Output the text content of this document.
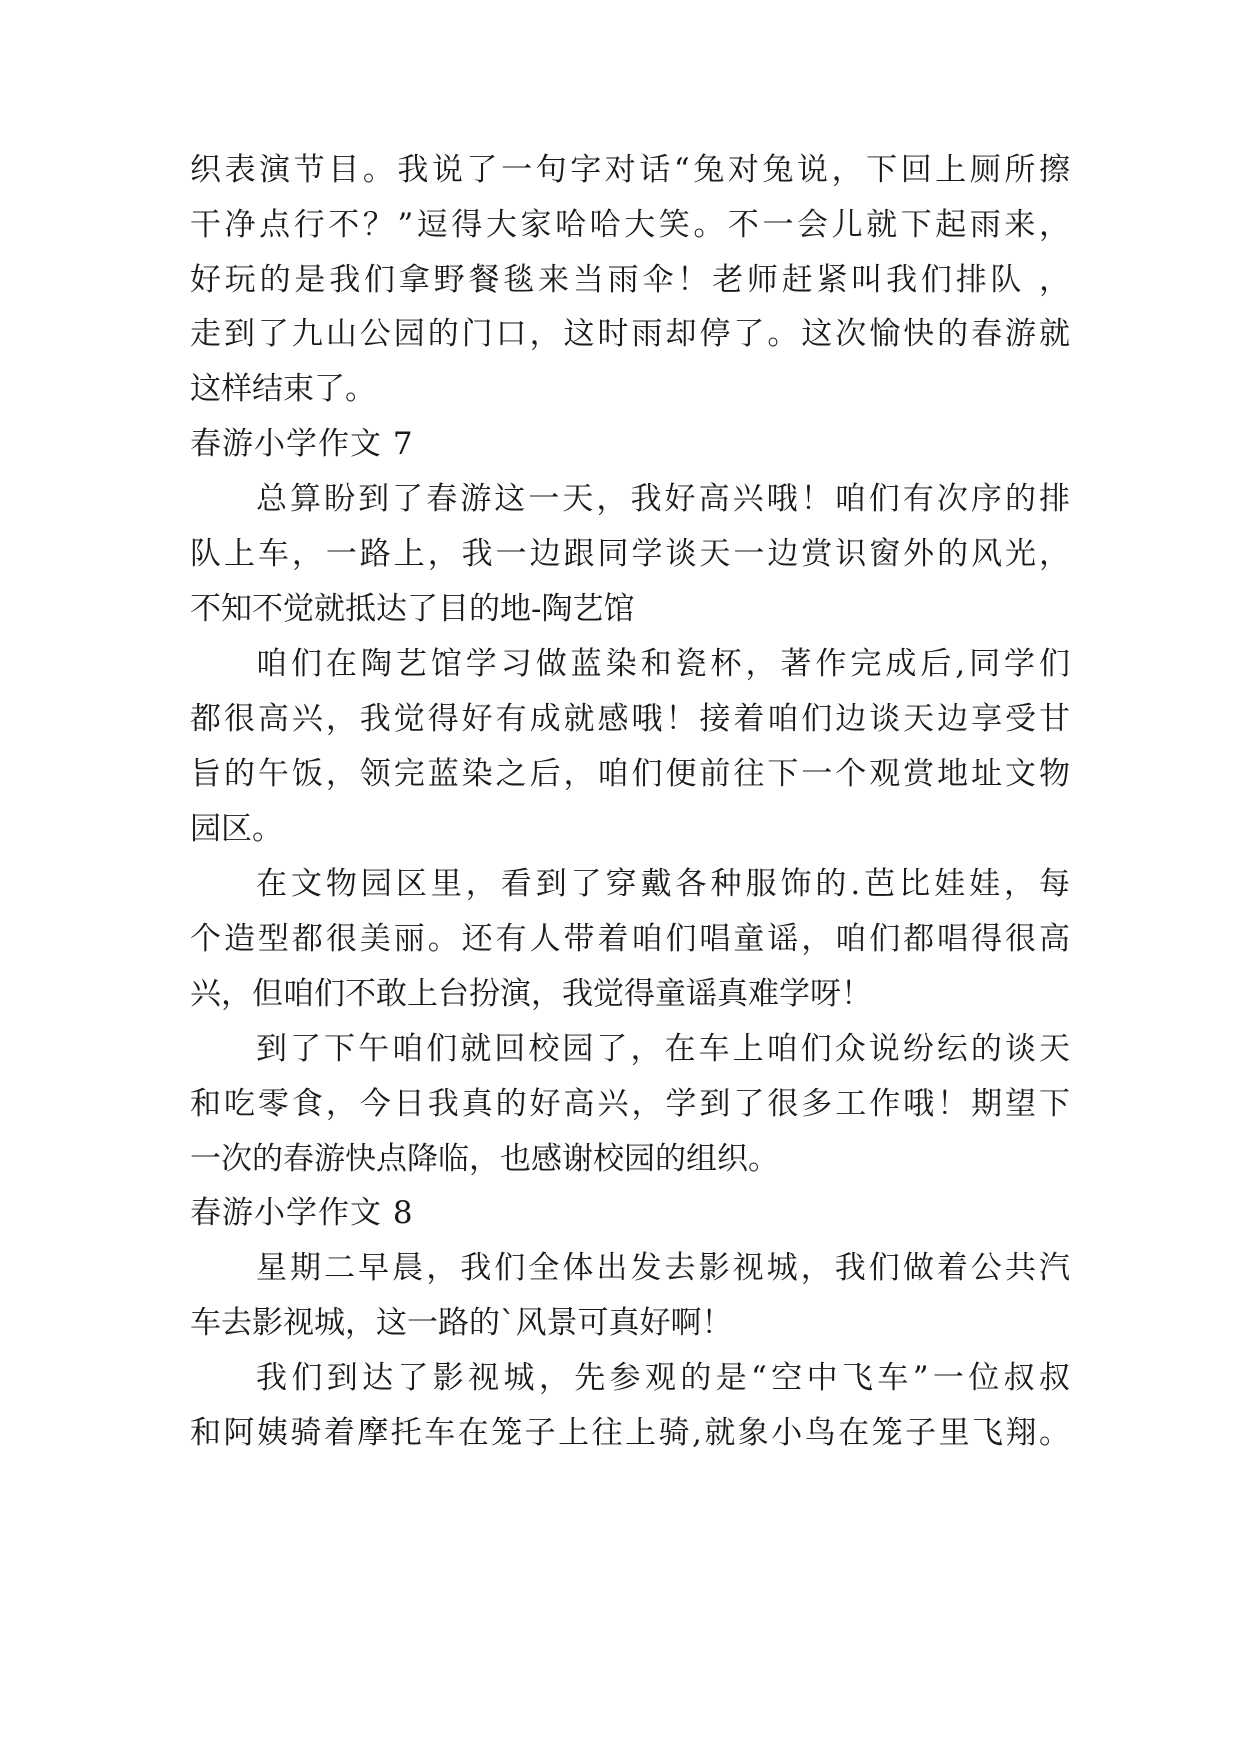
织表演节目。我说了一句字对话“兔对兔说，下回上厕所擦
干净点行不？”逗得大家哈哈大笑。不一会儿就下起雨来，
好玩的是我们拿野餐毯来当雨伞！老师赶紧叫我们排队 ，
走到了九山公园的门口，这时雨却停了。这次愉快的春游就
这样结束了。
春游小学作文 7
总算盼到了春游这一天，我好高兴哦！咱们有次序的排
队上车，一路上，我一边跟同学谈天一边赏识窗外的风光，
不知不觉就抵达了目的地-陶艺馆
咱们在陶艺馆学习做蓝染和瓷杯，著作完成后,同学们
都很高兴，我觉得好有成就感哦！接着咱们边谈天边享受甘
旨的午饭，领完蓝染之后，咱们便前往下一个观赏地址文物
园区。
在文物园区里，看到了穿戴各种服饰的.芭比娃娃，每
个造型都很美丽。还有人带着咱们唱童谣，咱们都唱得很高
兴，但咱们不敢上台扮演，我觉得童谣真难学呀！
到了下午咱们就回校园了，在车上咱们众说纷纭的谈天
和吃零食，今日我真的好高兴，学到了很多工作哦！期望下
一次的春游快点降临，也感谢校园的组织。
春游小学作文 8
星期二早晨，我们全体出发去影视城，我们做着公共汽
车去影视城，这一路的`风景可真好啊！
我们到达了影视城，先参观的是“空中飞车”一位叔叔
和阿姨骑着摩托车在笼子上往上骑,就象小鸟在笼子里飞翔。
